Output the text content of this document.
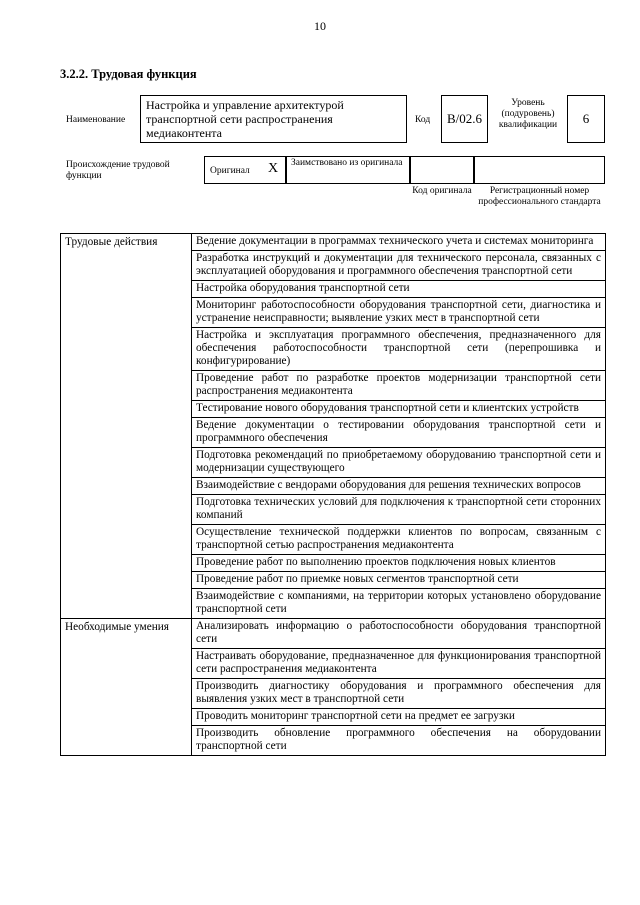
10
3.2.2. Трудовая функция
Наименование
Настройка и управление архитектурой транспортной сети распространения медиаконтента
Код	B/02.6
Уровень (подуровень) квалификации	6
Происхождение трудовой функции	Оригинал X	Заимствовано из оригинала
Код оригинала	Регистрационный номер профессионального стандарта
Трудовые действия	Ведение документации в программах технического учета и системах мониторинга
	Разработка инструкций и документации для технического персонала, связанных с эксплуатацией оборудования и программного обеспечения транспортной сети
	Настройка оборудования транспортной сети
	Мониторинг работоспособности оборудования транспортной сети, диагностика и устранение неисправности; выявление узких мест в транспортной сети
	Настройка и эксплуатация программного обеспечения, предназначенного для обеспечения работоспособности транспортной сети (перепрошивка и конфигурирование)
	Проведение работ по разработке проектов модернизации транспортной сети распространения медиаконтента
	Тестирование нового оборудования транспортной сети и клиентских устройств
	Ведение документации о тестировании оборудования транспортной сети и программного обеспечения
	Подготовка рекомендаций по приобретаемому оборудованию транспортной сети и модернизации существующего
	Взаимодействие с вендорами оборудования для решения технических вопросов
	Подготовка технических условий для подключения к транспортной сети сторонних компаний
	Осуществление технической поддержки клиентов по вопросам, связанным с транспортной сетью распространения медиаконтента
	Проведение работ по выполнению проектов подключения новых клиентов
	Проведение работ по приемке новых сегментов транспортной сети
	Взаимодействие с компаниями, на территории которых установлено оборудование транспортной сети
Необходимые умения	Анализировать информацию о работоспособности оборудования транспортной сети
	Настраивать оборудование, предназначенное для функционирования транспортной сети распространения медиаконтента
	Производить диагностику оборудования и программного обеспечения для выявления узких мест в транспортной сети
	Проводить мониторинг транспортной сети на предмет ее загрузки
	Производить обновление программного обеспечения на оборудовании транспортной сети
